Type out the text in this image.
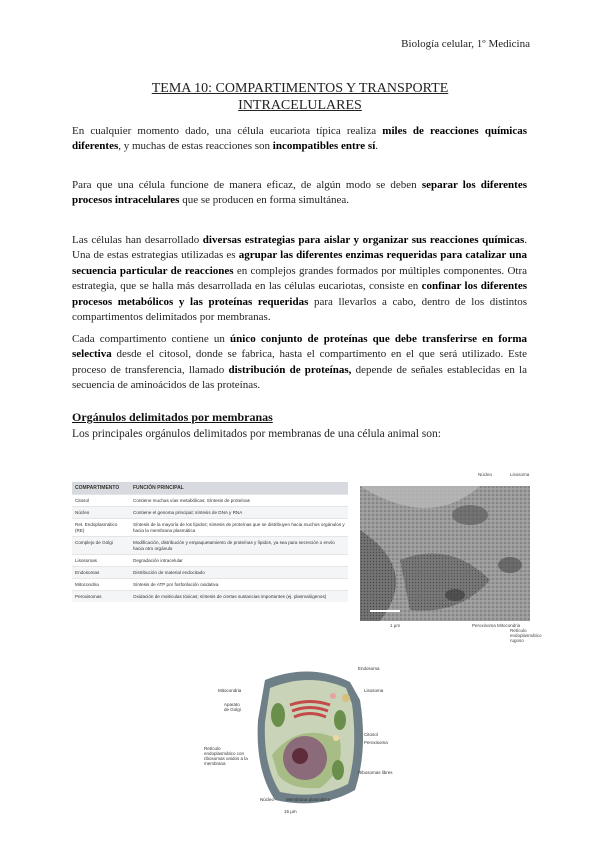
Biología celular, 1º Medicina
TEMA 10: COMPARTIMENTOS Y TRANSPORTE
INTRACELULARES

En cualquier momento dado, una célula eucariota típica realiza miles de reacciones químicas diferentes, y muchas de estas reacciones son incompatibles entre sí.

Para que una célula funcione de manera eficaz, de algún modo se deben separar los diferentes procesos intracelulares que se producen en forma simultánea.

Las células han desarrollado diversas estrategias para aislar y organizar sus reacciones químicas. Una de estas estrategias utilizadas es agrupar las diferentes enzimas requeridas para catalizar una secuencia particular de reacciones en complejos grandes formados por múltiples componentes. Otra estrategia, que se halla más desarrollada en las células eucariotas, consiste en confinar los diferentes procesos metabólicos y las proteínas requeridas para llevarlos a cabo, dentro de los distintos compartimentos delimitados por membranas.

Cada compartimento contiene un único conjunto de proteínas que debe transferirse en forma selectiva desde el citosol, donde se fabrica, hasta el compartimento en el que será utilizado. Este proceso de transferencia, llamado distribución de proteínas, depende de señales establecidas en la secuencia de aminoácidos de las proteínas.

Orgánulos delimitados por membranas
Los principales orgánulos delimitados por membranas de una célula animal son:
COMPARTIMENTO	FUNCIÓN PRINCIPAL
Citosol	Contiene muchas vías metabólicas; Síntesis de proteínas
Núcleo	Contiene el genoma principal; síntesis de DNA y RNA
Ret. Endoplasmático (RE)	Síntesis de la mayoría de los lípidos; síntesis de proteínas que se distribuyen hacia muchos orgánulos y hacia la membrana plasmática
Complejo de Golgi	Modificación, distribución y empaquetamiento de proteínas y lípidos, ya sea para secreción o envío hacia otro orgánulo
Lisosomas	Degradación intracelular
Endosomas	Distribución de material endocitado
Mitocondria	Síntesis de ATP por fosforilación oxidativa
Peroxisomas	Oxidación de moléculas tóxicas; síntesis de ciertas sustancias importantes (ej. plasmalógenos)
Núcleo	Lisosoma
1 μm	Peroxisoma Mitocondria
Retículo endoplasmático rugoso
Endosoma
Lisosoma
Mitocondria
Aparato de Golgi
Citosol
Peroxisoma
Retículo endoplasmático con ribosomas unidos a la membrana
Ribosomas libres
Núcleo	Membrana plasmática
15 μm
